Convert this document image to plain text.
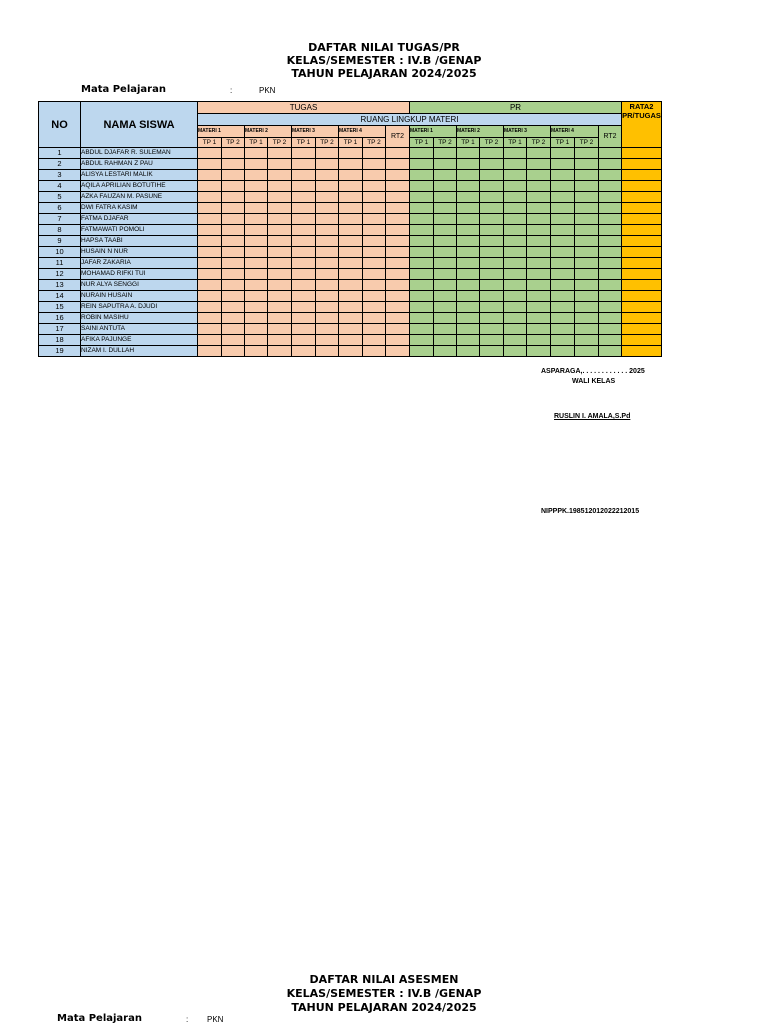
DAFTAR NILAI TUGAS/PR
KELAS/SEMESTER : IV.B /GENAP
TAHUN PELAJARAN 2024/2025
Mata Pelajaran	:	PKN
NO	NAMA SISWA	TUGAS									PR									RATA2 PR/TUGAS
		RUANG LINGKUP MATERI																		
		MATERI 1		MATERI 2		MATERI 3		MATERI 4		RT2	MATERI 1		MATERI 2		MATERI 3		MATERI 4		RT2	
		TP 1	TP 2	TP 1	TP 2	TP 1	TP 2	TP 1	TP 2		TP 1	TP 2	TP 1	TP 2	TP 1	TP 2	TP 1	TP 2		
1	ABDUL DJAFAR R. SULEMAN																			
2	ABDUL RAHMAN Z PAU																			
3	ALISYA LESTARI MALIK																			
4	AQILA APRILIAN BOTUTIHE																			
5	AZKA FAUZAN M. PASUNE																			
6	DWI FATRA KASIM																			
7	FATMA DJAFAR																			
8	FATMAWATI POMOLI																			
9	HAPSA TAABI																			
10	HUSAIN N NUR																			
11	JAFAR ZAKARIA																			
12	MOHAMAD RIFKI TUI																			
13	NUR ALYA SENGGI																			
14	NURAIN HUSAIN																			
15	REIN SAPUTRA A. DJUDI																			
16	ROBIN MASIHU																			
17	SAINI ANTUTA																			
18	AFIKA PAJUNGE																			
19	NIZAM I. DULLAH																			
ASPARAGA,. . . . . . . . . . . . 2025
WALI KELAS
RUSLIN I. AMALA,S.Pd
NIPPPK.198512012022212015
DAFTAR NILAI ASESMEN
KELAS/SEMESTER : IV.B /GENAP
TAHUN PELAJARAN 2024/2025
Mata Pelajaran	: PKN
